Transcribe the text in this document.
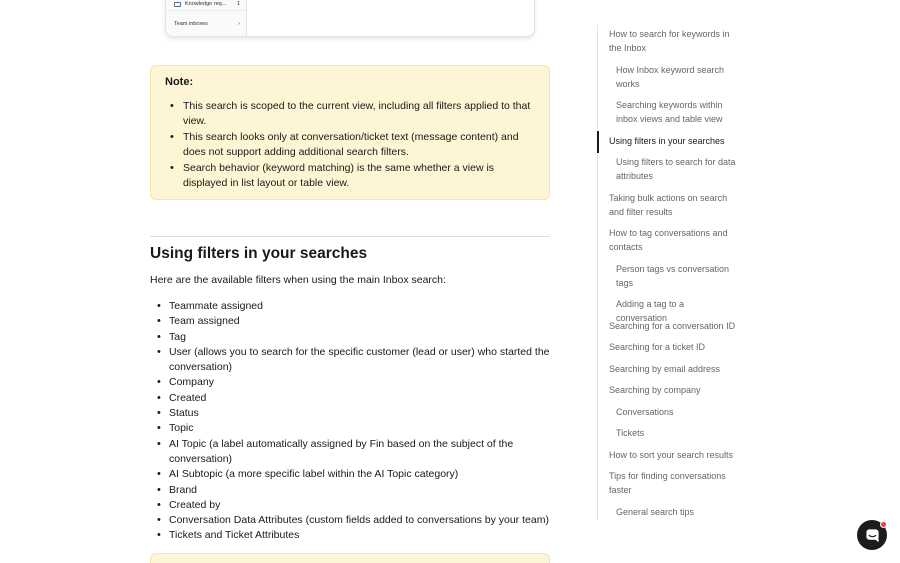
Knowledge req...	1
Team inboxes	›
Note:
• This search is scoped to the current view, including all filters applied to that view.
• This search looks only at conversation/ticket text (message content) and does not support adding additional search filters.
• Search behavior (keyword matching) is the same whether a view is displayed in list layout or table view.
Using filters in your searches

Here are the available filters when using the main Inbox search:

• Teammate assigned
• Team assigned
• Tag
• User (allows you to search for the specific customer (lead or user) who started the conversation)
• Company
• Created
• Status
• Topic
• AI Topic (a label automatically assigned by Fin based on the subject of the conversation)
• AI Subtopic (a more specific label within the AI Topic category)
• Brand
• Created by
• Conversation Data Attributes (custom fields added to conversations by your team)
• Tickets and Ticket Attributes
How to search for keywords in the Inbox
How Inbox keyword search works
Searching keywords within inbox views and table view
Using filters in your searches
Using filters to search for data attributes
Taking bulk actions on search and filter results
How to tag conversations and contacts
Person tags vs conversation tags
Adding a tag to a conversation
Searching for a conversation ID
Searching for a ticket ID
Searching by email address
Searching by company
Conversations
Tickets
How to sort your search results
Tips for finding conversations faster
General search tips
